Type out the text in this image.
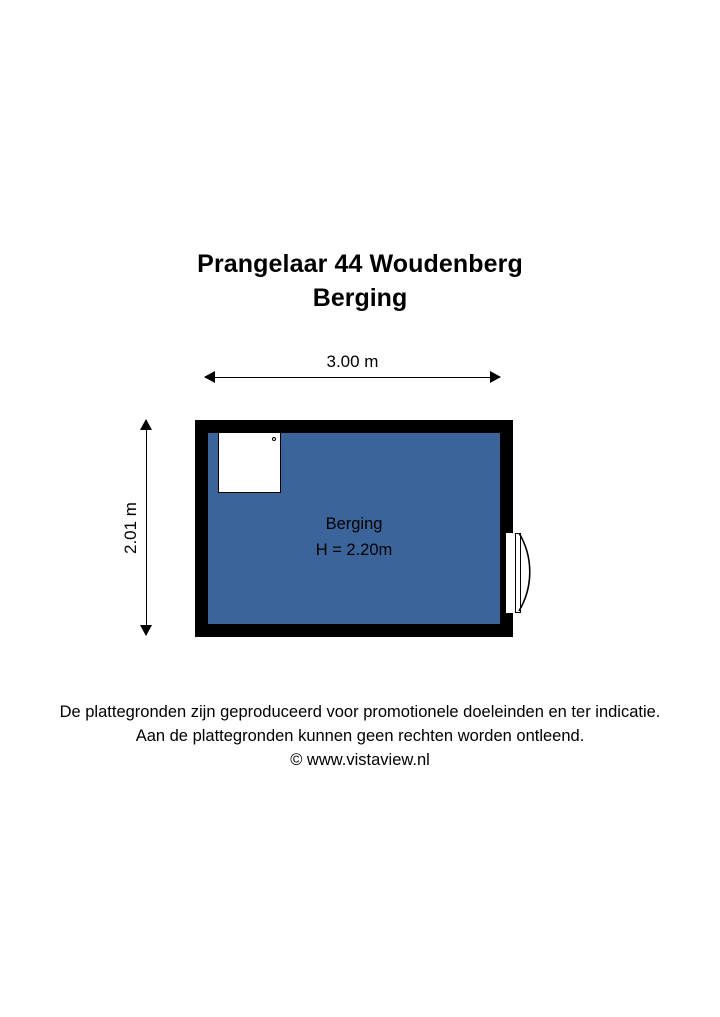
Prangelaar 44 Woudenberg
Berging
3.00 m
2.01 m	Berging
H = 2.20m
De plattegronden zijn geproduceerd voor promotionele doeleinden en ter indicatie.
Aan de plattegronden kunnen geen rechten worden ontleend.
© www.vistaview.nl
